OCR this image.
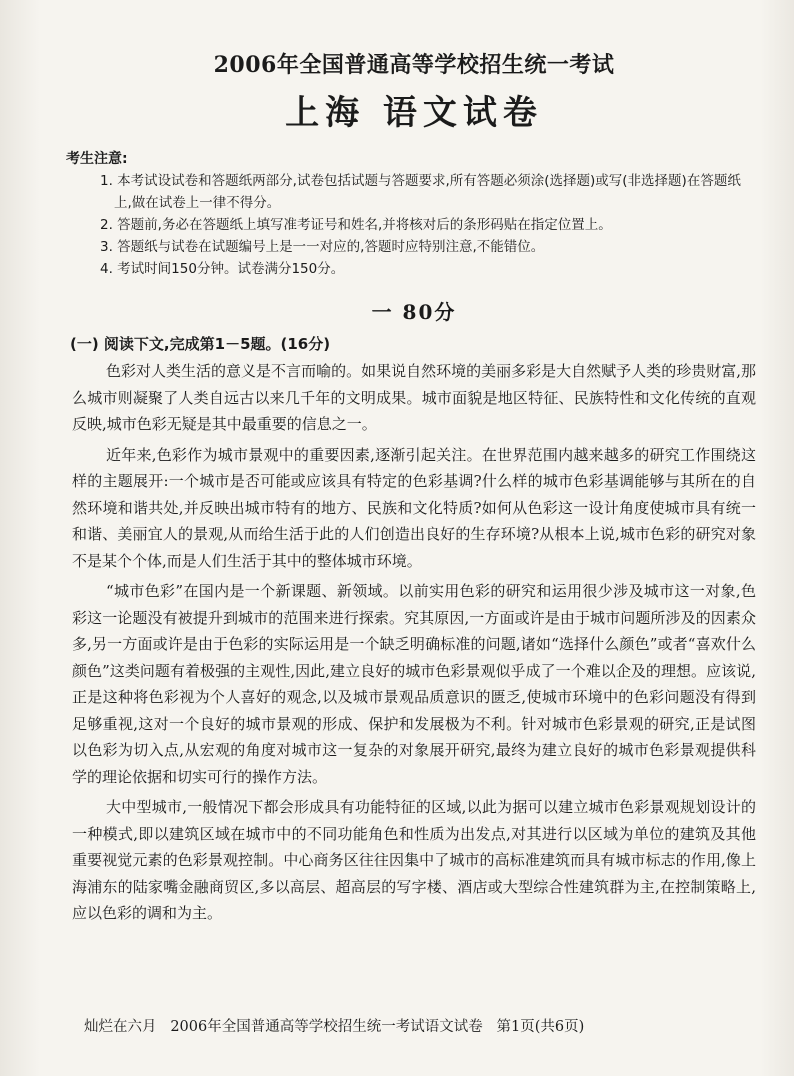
2006年全国普通高等学校招生统一考试
上海 语文试卷
考生注意:
1. 本考试设试卷和答题纸两部分,试卷包括试题与答题要求,所有答题必须涂(选择题)或写(非选择题)在答题纸上,做在试卷上一律不得分。
2. 答题前,务必在答题纸上填写准考证号和姓名,并将核对后的条形码贴在指定位置上。
3. 答题纸与试卷在试题编号上是一一对应的,答题时应特别注意,不能错位。
4. 考试时间150分钟。试卷满分150分。
一 80分
(一) 阅读下文,完成第1－5题。(16分)

色彩对人类生活的意义是不言而喻的。如果说自然环境的美丽多彩是大自然赋予人类的珍贵财富,那么城市则凝聚了人类自远古以来几千年的文明成果。城市面貌是地区特征、民族特性和文化传统的直观反映,城市色彩无疑是其中最重要的信息之一。

近年来,色彩作为城市景观中的重要因素,逐渐引起关注。在世界范围内越来越多的研究工作围绕这样的主题展开:一个城市是否可能或应该具有特定的色彩基调?什么样的城市色彩基调能够与其所在的自然环境和谐共处,并反映出城市特有的地方、民族和文化特质?如何从色彩这一设计角度使城市具有统一和谐、美丽宜人的景观,从而给生活于此的人们创造出良好的生存环境?从根本上说,城市色彩的研究对象不是某个个体,而是人们生活于其中的整体城市环境。

“城市色彩”在国内是一个新课题、新领域。以前实用色彩的研究和运用很少涉及城市这一对象,色彩这一论题没有被提升到城市的范围来进行探索。究其原因,一方面或许是由于城市问题所涉及的因素众多,另一方面或许是由于色彩的实际运用是一个缺乏明确标准的问题,诸如“选择什么颜色”或者“喜欢什么颜色”这类问题有着极强的主观性,因此,建立良好的城市色彩景观似乎成了一个难以企及的理想。应该说,正是这种将色彩视为个人喜好的观念,以及城市景观品质意识的匮乏,使城市环境中的色彩问题没有得到足够重视,这对一个良好的城市景观的形成、保护和发展极为不利。针对城市色彩景观的研究,正是试图以色彩为切入点,从宏观的角度对城市这一复杂的对象展开研究,最终为建立良好的城市色彩景观提供科学的理论依据和切实可行的操作方法。

大中型城市,一般情况下都会形成具有功能特征的区域,以此为据可以建立城市色彩景观规划设计的一种模式,即以建筑区域在城市中的不同功能角色和性质为出发点,对其进行以区域为单位的建筑及其他重要视觉元素的色彩景观控制。中心商务区往往因集中了城市的高标准建筑而具有城市标志的作用,像上海浦东的陆家嘴金融商贸区,多以高层、超高层的写字楼、酒店或大型综合性建筑群为主,在控制策略上,应以色彩的调和为主。

灿烂在六月   2006年全国普通高等学校招生统一考试语文试卷   第1页(共6页)
